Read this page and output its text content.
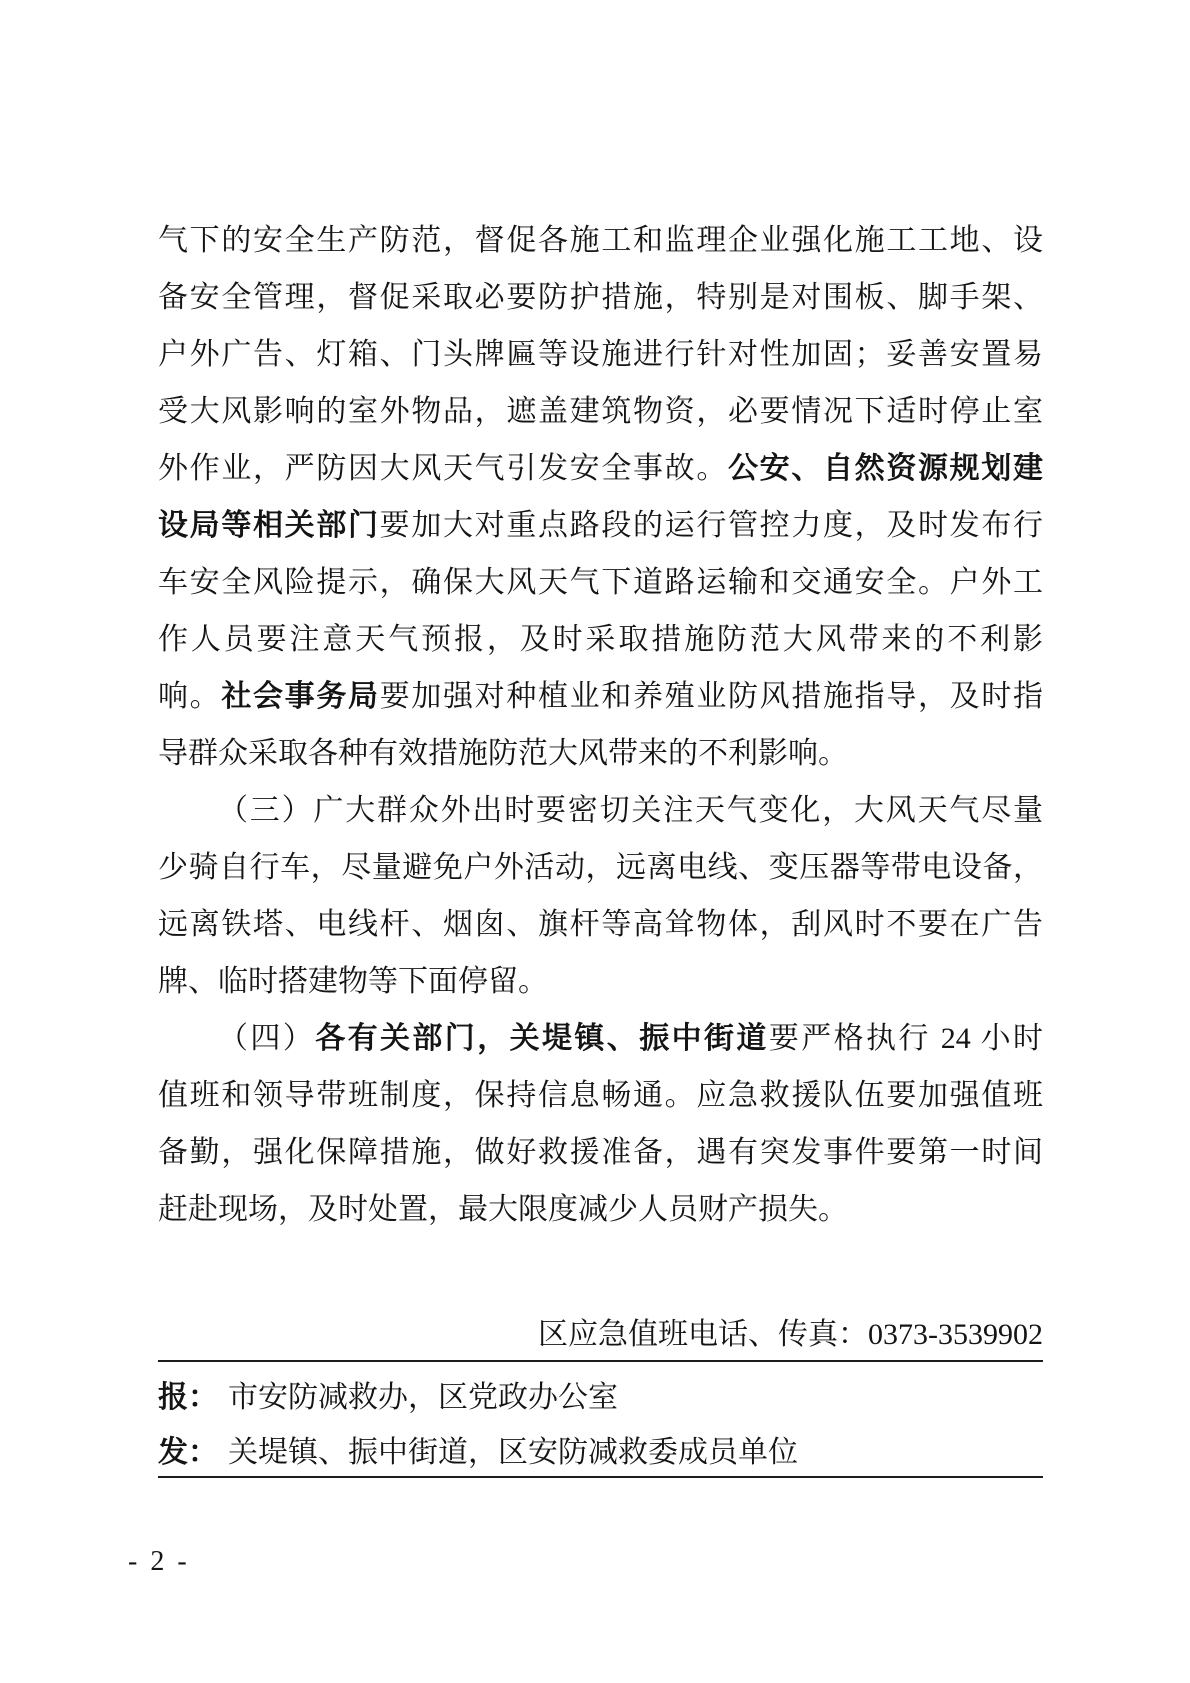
气下的安全生产防范，督促各施工和监理企业强化施工工地、设
备安全管理，督促采取必要防护措施，特别是对围板、脚手架、
户外广告、灯箱、门头牌匾等设施进行针对性加固；妥善安置易
受大风影响的室外物品，遮盖建筑物资，必要情况下适时停止室
外作业，严防因大风天气引发安全事故。公安、自然资源规划建
设局等相关部门要加大对重点路段的运行管控力度，及时发布行
车安全风险提示，确保大风天气下道路运输和交通安全。户外工
作人员要注意天气预报，及时采取措施防范大风带来的不利影
响。社会事务局要加强对种植业和养殖业防风措施指导，及时指
导群众采取各种有效措施防范大风带来的不利影响。
（三）广大群众外出时要密切关注天气变化，大风天气尽量
少骑自行车，尽量避免户外活动，远离电线、变压器等带电设备，
远离铁塔、电线杆、烟囱、旗杆等高耸物体，刮风时不要在广告
牌、临时搭建物等下面停留。
（四）各有关部门，关堤镇、振中街道要严格执行 24 小时
值班和领导带班制度，保持信息畅通。应急救援队伍要加强值班
备勤，强化保障措施，做好救援准备，遇有突发事件要第一时间
赶赴现场，及时处置，最大限度减少人员财产损失。
区应急值班电话、传真：0373-3539902
报： 市安防减救办，区党政办公室
发： 关堤镇、振中街道，区安防减救委成员单位
- 2 -
